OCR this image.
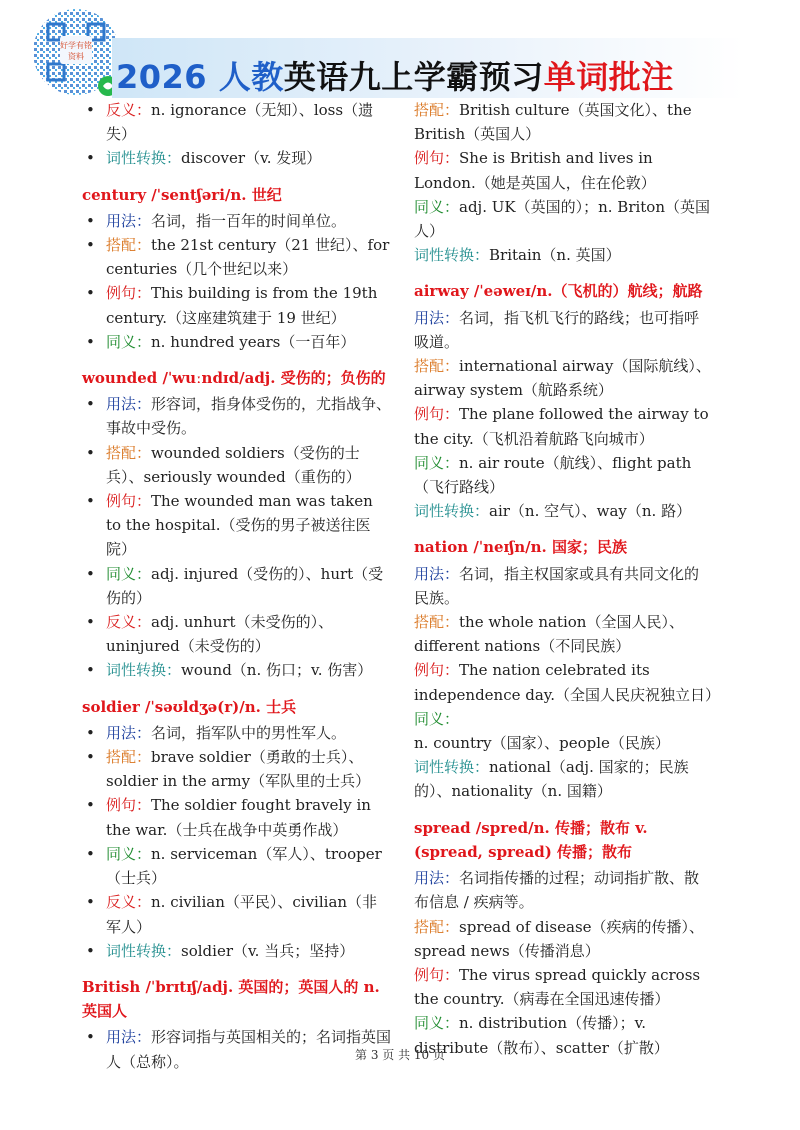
好学有铭
资料
2026 人教英语九上学霸预习单词批注
• 反义：n. ignorance（无知）、loss（遗失）
• 词性转换：discover（v. 发现）
century /ˈsentʃəri/n. 世纪
• 用法：名词，指一百年的时间单位。
• 搭配：the 21st century（21 世纪）、for centuries（几个世纪以来）
• 例句：This building is from the 19th century.（这座建筑建于 19 世纪）
• 同义：n. hundred years（一百年）
wounded /ˈwuːndɪd/adj. 受伤的；负伤的
• 用法：形容词，指身体受伤的，尤指战争、事故中受伤。
• 搭配：wounded soldiers（受伤的士兵）、seriously wounded（重伤的）
• 例句：The wounded man was taken to the hospital.（受伤的男子被送往医院）
• 同义：adj. injured（受伤的）、hurt（受伤的）
• 反义：adj. unhurt（未受伤的）、uninjured（未受伤的）
• 词性转换：wound（n. 伤口；v. 伤害）
soldier /ˈsəʊldʒə(r)/n. 士兵
• 用法：名词，指军队中的男性军人。
• 搭配：brave soldier（勇敢的士兵）、soldier in the army（军队里的士兵）
• 例句：The soldier fought bravely in the war.（士兵在战争中英勇作战）
• 同义：n. serviceman（军人）、trooper（士兵）
• 反义：n. civilian（平民）、civilian（非军人）
• 词性转换：soldier（v. 当兵；坚持）
British /ˈbrɪtɪʃ/adj. 英国的；英国人的 n. 英国人
• 用法：形容词指与英国相关的；名词指英国人（总称）。
搭配：British culture（英国文化）、the British（英国人）
例句：She is British and lives in London.（她是英国人，住在伦敦）
同义：adj. UK（英国的）；n. Briton（英国人）
词性转换：Britain（n. 英国）
airway /ˈeəweɪ/n.（飞机的）航线；航路
用法：名词，指飞机飞行的路线；也可指呼吸道。
搭配：international airway（国际航线）、airway system（航路系统）
例句：The plane followed the airway to the city.（飞机沿着航路飞向城市）
同义：n. air route（航线）、flight path（飞行路线）
词性转换：air（n. 空气）、way（n. 路）
nation /ˈneɪʃn/n. 国家；民族
用法：名词，指主权国家或具有共同文化的民族。
搭配：the whole nation（全国人民）、different nations（不同民族）
例句：The nation celebrated its independence day.（全国人民庆祝独立日）
同义：n. country（国家）、people（民族）
词性转换：national（adj. 国家的；民族的）、nationality（n. 国籍）
spread /spred/n. 传播；散布 v. (spread, spread) 传播；散布
用法：名词指传播的过程；动词指扩散、散布信息 / 疾病等。
搭配：spread of disease（疾病的传播）、spread news（传播消息）
例句：The virus spread quickly across the country.（病毒在全国迅速传播）
同义：n. distribution（传播）；v. distribute（散布）、scatter（扩散）
第 3 页 共 10 页
